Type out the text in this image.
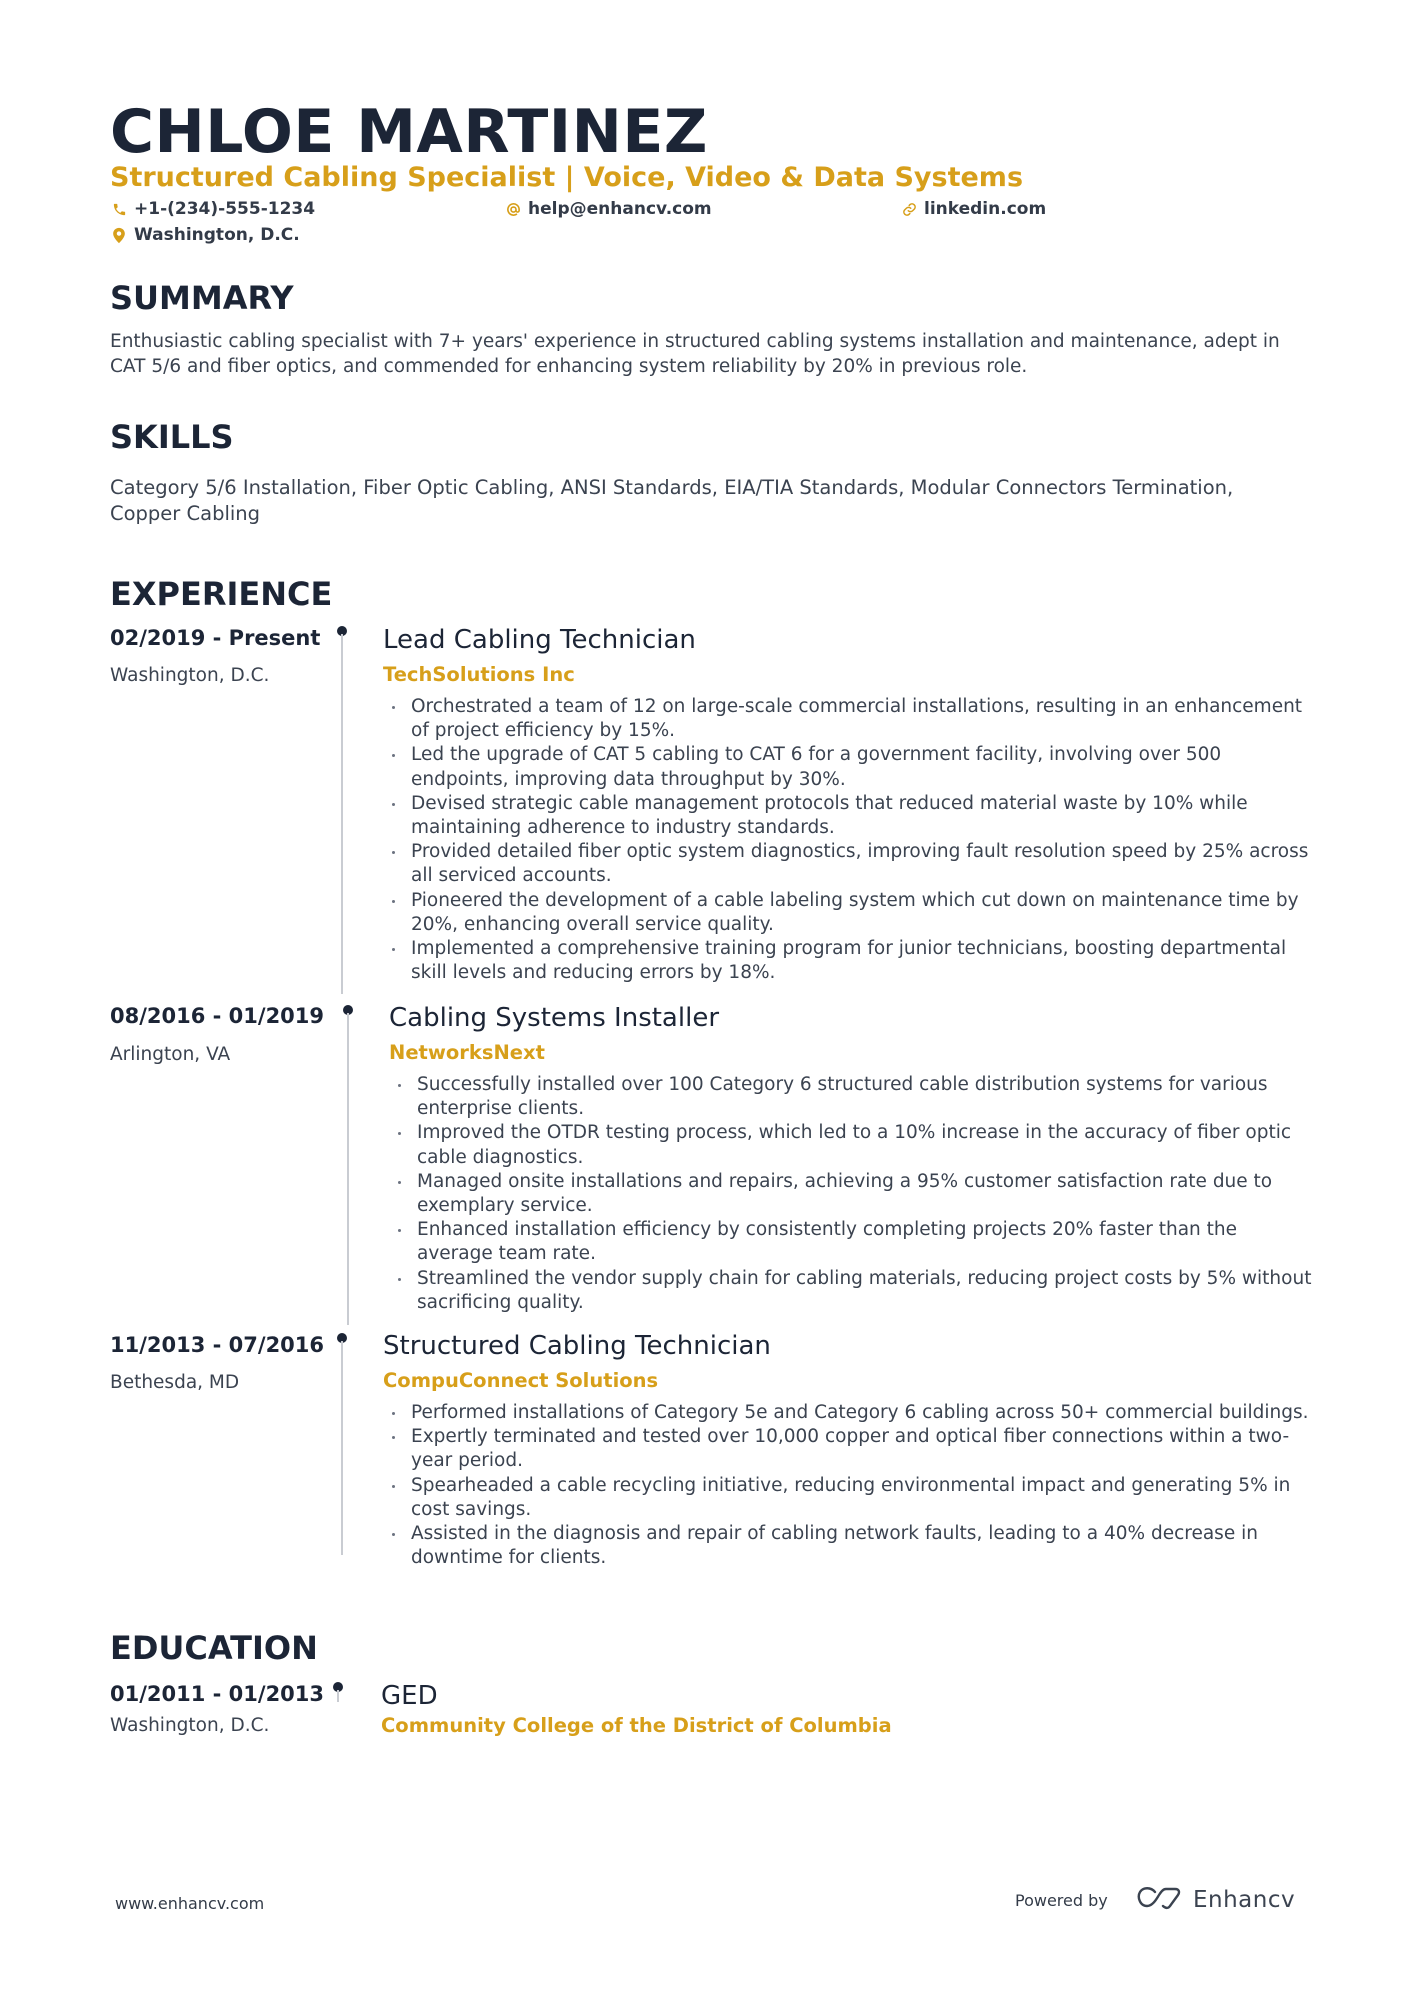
CHLOE MARTINEZ
Structured Cabling Specialist | Voice, Video & Data Systems
+1-(234)-555-1234	help@enhancv.com	linkedin.com
Washington, D.C.
SUMMARY

Enthusiastic cabling specialist with 7+ years' experience in structured cabling systems installation and maintenance, adept in CAT 5/6 and fiber optics, and commended for enhancing system reliability by 20% in previous role.

SKILLS

Category 5/6 Installation, Fiber Optic Cabling, ANSI Standards, EIA/TIA Standards, Modular Connectors Termination, Copper Cabling

EXPERIENCE
02/2019 - Present
Washington, D.C.
Lead Cabling Technician
TechSolutions Inc
Orchestrated a team of 12 on large-scale commercial installations, resulting in an enhancement of project efficiency by 15%.
Led the upgrade of CAT 5 cabling to CAT 6 for a government facility, involving over 500 endpoints, improving data throughput by 30%.
Devised strategic cable management protocols that reduced material waste by 10% while maintaining adherence to industry standards.
Provided detailed fiber optic system diagnostics, improving fault resolution speed by 25% across all serviced accounts.
Pioneered the development of a cable labeling system which cut down on maintenance time by 20%, enhancing overall service quality.
Implemented a comprehensive training program for junior technicians, boosting departmental skill levels and reducing errors by 18%.
08/2016 - 01/2019
Arlington, VA
Cabling Systems Installer
NetworksNext
Successfully installed over 100 Category 6 structured cable distribution systems for various enterprise clients.
Improved the OTDR testing process, which led to a 10% increase in the accuracy of fiber optic cable diagnostics.
Managed onsite installations and repairs, achieving a 95% customer satisfaction rate due to exemplary service.
Enhanced installation efficiency by consistently completing projects 20% faster than the average team rate.
Streamlined the vendor supply chain for cabling materials, reducing project costs by 5% without sacrificing quality.
11/2013 - 07/2016
Bethesda, MD
Structured Cabling Technician
CompuConnect Solutions
Performed installations of Category 5e and Category 6 cabling across 50+ commercial buildings.
Expertly terminated and tested over 10,000 copper and optical fiber connections within a two-year period.
Spearheaded a cable recycling initiative, reducing environmental impact and generating 5% in cost savings.
Assisted in the diagnosis and repair of cabling network faults, leading to a 40% decrease in downtime for clients.
EDUCATION
01/2011 - 01/2013
Washington, D.C.
GED
Community College of the District of Columbia
www.enhancv.com	Powered by	Enhancv
